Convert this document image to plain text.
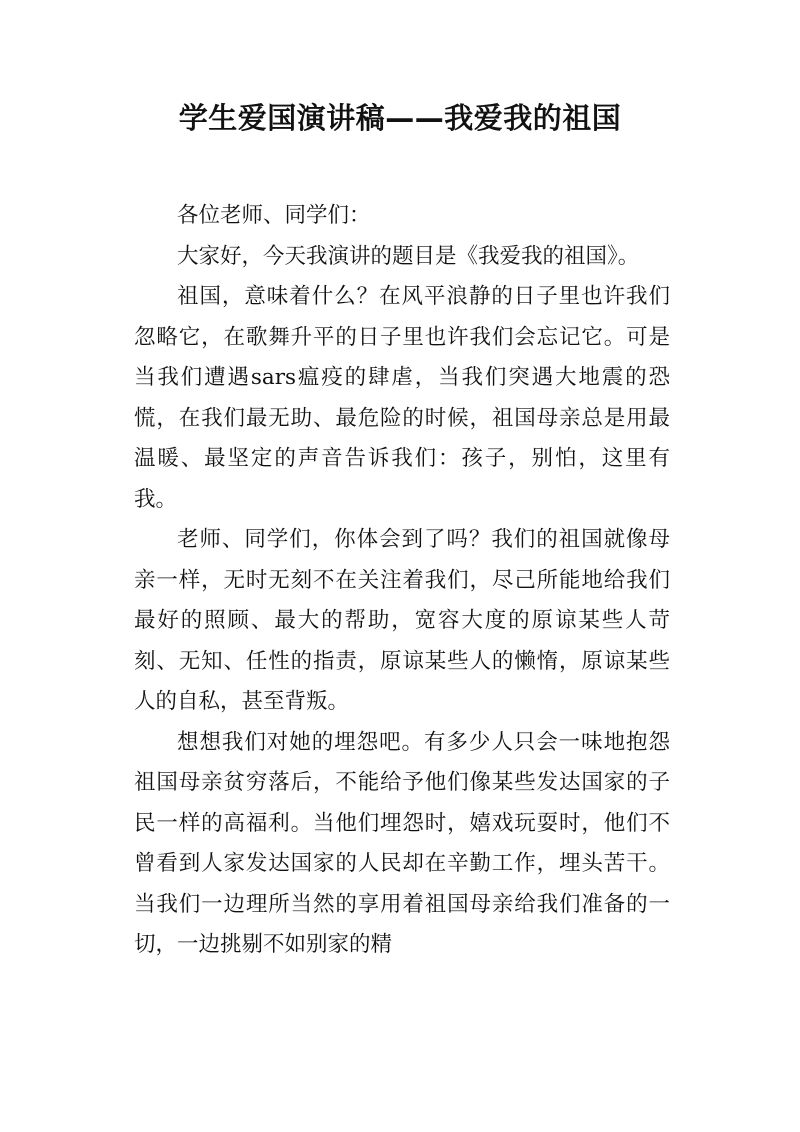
学生爱国演讲稿——我爱我的祖国

各位老师、同学们：

大家好，今天我演讲的题目是《我爱我的祖国》。

祖国，意味着什么？在风平浪静的日子里也许我们忽略它，在歌舞升平的日子里也许我们会忘记它。可是当我们遭遇sars瘟疫的肆虐，当我们突遇大地震的恐慌，在我们最无助、最危险的时候，祖国母亲总是用最温暖、最坚定的声音告诉我们：孩子，别怕，这里有我。

老师、同学们，你体会到了吗？我们的祖国就像母亲一样，无时无刻不在关注着我们，尽己所能地给我们最好的照顾、最大的帮助，宽容大度的原谅某些人苛刻、无知、任性的指责，原谅某些人的懒惰，原谅某些人的自私，甚至背叛。

想想我们对她的埋怨吧。有多少人只会一味地抱怨祖国母亲贫穷落后，不能给予他们像某些发达国家的子民一样的高福利。当他们埋怨时，嬉戏玩耍时，他们不曾看到人家发达国家的人民却在辛勤工作，埋头苦干。当我们一边理所当然的享用着祖国母亲给我们准备的一切，一边挑剔不如别家的精
